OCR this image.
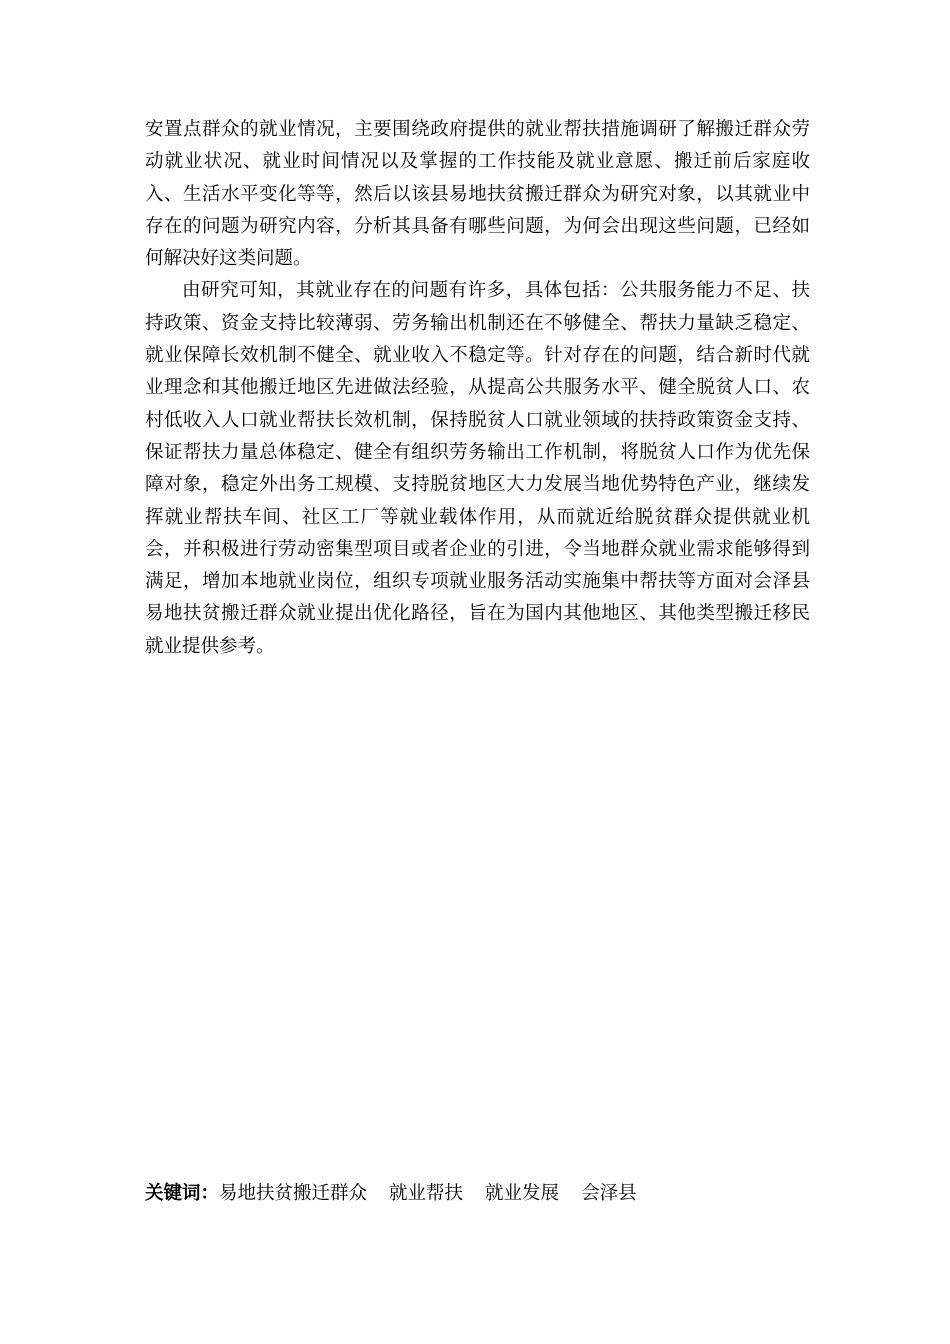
安置点群众的就业情况，主要围绕政府提供的就业帮扶措施调研了解搬迁群众劳动就业状况、就业时间情况以及掌握的工作技能及就业意愿、搬迁前后家庭收入、生活水平变化等等，然后以该县易地扶贫搬迁群众为研究对象，以其就业中存在的问题为研究内容，分析其具备有哪些问题，为何会出现这些问题，已经如何解决好这类问题。

由研究可知，其就业存在的问题有许多，具体包括：公共服务能力不足、扶持政策、资金支持比较薄弱、劳务输出机制还在不够健全、帮扶力量缺乏稳定、就业保障长效机制不健全、就业收入不稳定等。针对存在的问题，结合新时代就业理念和其他搬迁地区先进做法经验，从提高公共服务水平、健全脱贫人口、农村低收入人口就业帮扶长效机制，保持脱贫人口就业领域的扶持政策资金支持、保证帮扶力量总体稳定、健全有组织劳务输出工作机制，将脱贫人口作为优先保障对象，稳定外出务工规模、支持脱贫地区大力发展当地优势特色产业，继续发挥就业帮扶车间、社区工厂等就业载体作用，从而就近给脱贫群众提供就业机会，并积极进行劳动密集型项目或者企业的引进，令当地群众就业需求能够得到满足，增加本地就业岗位，组织专项就业服务活动实施集中帮扶等方面对会泽县易地扶贫搬迁群众就业提出优化路径，旨在为国内其他地区、其他类型搬迁移民就业提供参考。

关键词：易地扶贫搬迁群众 就业帮扶 就业发展 会泽县
